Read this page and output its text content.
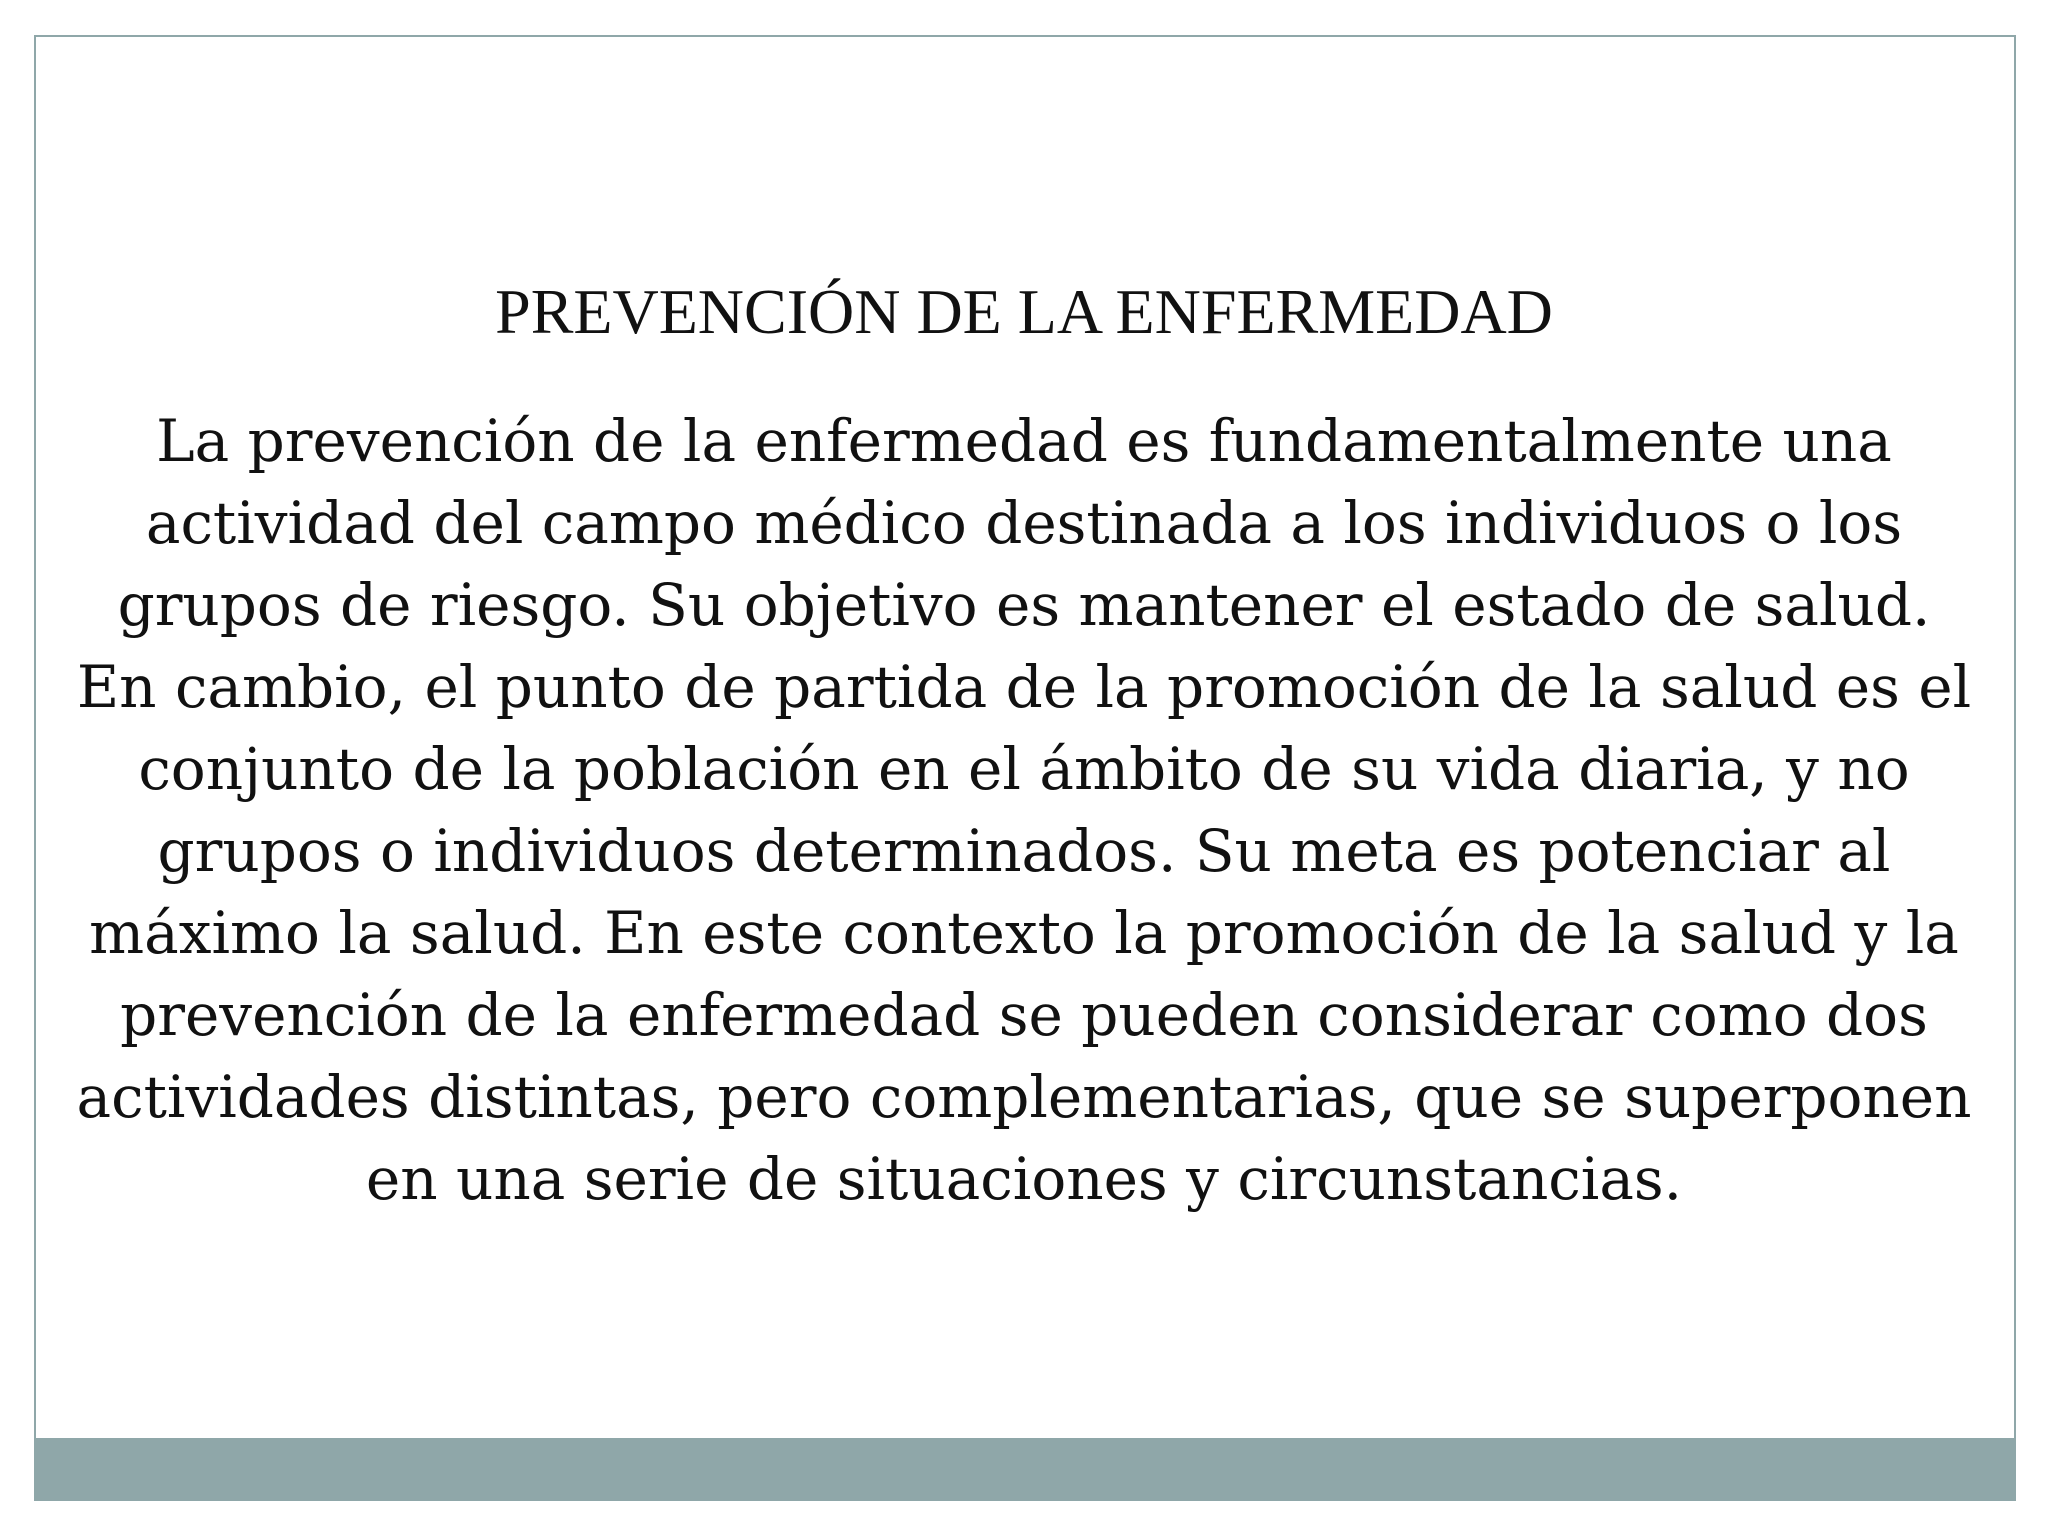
PREVENCIÓN DE LA ENFERMEDAD

La prevención de la enfermedad es fundamentalmente una actividad del campo médico destinada a los individuos o los grupos de riesgo. Su objetivo es mantener el estado de salud. En cambio, el punto de partida de la promoción de la salud es el conjunto de la población en el ámbito de su vida diaria, y no grupos o individuos determinados. Su meta es potenciar al máximo la salud. En este contexto la promoción de la salud y la prevención de la enfermedad se pueden considerar como dos actividades distintas, pero complementarias, que se superponen en una serie de situaciones y circunstancias.
